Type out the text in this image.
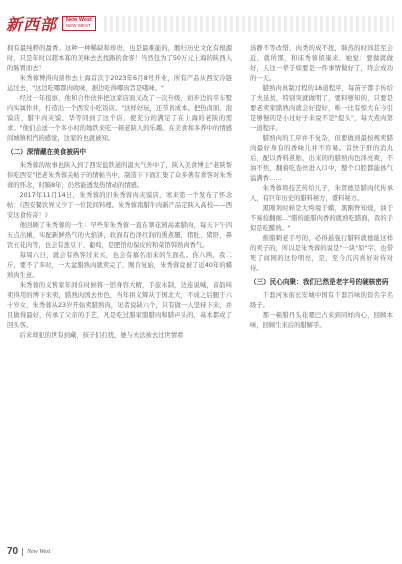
新西部 New West
NEW WEST

拥有最纯粹的甜香。这种一种稀缺和珍贵，也是最难能的，酸归历史文化有根源时，只是年时以超本寡的美味去去找路的食客！当然包为了50万元上海的陕西人的肠胃而去！

朱秀蓉博得肉票作去上海首次于2023年6月8号开业，所有产品从西安冷链运过去，"这边吃哪都肉收味，据边吃得哪肉旨是哦味。"

经过一年报察，他和合作伙伴把这家店面又改了一次升级，初步边的平车墅内实属作并，打造出一个西安小吃饭店。"这样好玩，还节省成本。把热卤面、泡馍店、腊牛肉夹馍、华等同到了这个店，使充分的满足了在上海的老陕的需求。"他们会送一个多小时的地铁来吃一顿老陕人的乐趣。在美食和多养中的情感间城镇相汽的感觉，这家的也就被知。

（二）深情藏在美食被码中

朱秀蓉的故事也陕入到了西安盐铁道的温火气外中了，陕入美食博主"老陕帮你吃西安"把老朱秀蓉关帖子的情帖当中，制造下下面汇集了众多著有食客对朱秀蓉的怀念，时隔8年，仍然能透发热情动的情感。

2017年11月14日，朱秀蓉的旧朱秀蓉肉夹馍店，寒来第一个发布了怀念帖：《西安餐饮界又少了一位民间料理。朱秀蓉南腊牛肉新产品定陕入高校——西安这食传奇！》

他回顾了朱秀蓉的一生：早些年朱秀蓉一直在翠花园高素腊肉，每天下午四五点出摊，实配新鲜热气的火焰饼，软面有色泽红润的熏煮腿，猪肚、猪肝、鼻饮五花肉等，也会有葱豆干、葡萄，是肥馆幼保皮的和菜馆韩熟肉香气。

每周六日，就会有熟客过来买，也会有慕名而来的生面孔。你八两，我二斤，要不了多时，一大盆腊熟肉就卖完了，刚肯复始，朱秀蓉竟被了近40年的蜡熟肉生意。

朱秀蓉的义售家年间在时候将一馆身容大精，手旅木制，边连说喊，音韵叫卖得用的博下来卖，腊熟肉国去作色，当年拱义辉从于国北大，不成之后腿于六十岁女，朱秀蓉从23岁开始卖腊熟肉，见者说缺六个，只有做一人坚持下来，并且做得最好，传承了父亲的手艺，凡是吃过腊家腊腊肉和腊声头的，基本都成了回头客。

后来却犯的世有到藏，孩子们打扰，她与夫法被去过世情看

汤静不等改惜，肉类的成不扰，肺蒸的时间甚至会近，就所那，和床秀蓉留康来，她觉：要做就做好，人这一辈子如要是一件事情做好了，终会成功的一天。

腊熟肉真制过程的18道程序，每苗子都手传给了夫虽贫，特别突就做明了，要料够知的，只要是要老卖家腊熟肉就会好提好，唯一比有惊大在今引是够慢的是小过好子来说不是"提头"，每大煮肉第一道程序。

腊熟肉的工序并不复杂，但要做到最按规卖腊肉最好身有的香味儿并不容易。首快于肝的消丸后，配以香料煮贴，出来的的腊熟肉色泽亮爽，不油不焦，翻着吃卷丝进入口中，整个口腔都能体气溢满香……

朱秀蓉将技艺传给儿子，朱贤德是腊肉代传承人，有巨年历史的腊料秘方，盛料秘方。

黑刚剂时候是大垮境于蜡，黑刚脊知烧，油于不易捡翻细…"腊的能腊肉香的就熟吃腊面，我的手似是吃醋熟。"

推腊刺老手号的，必得悬强行腊料就德能这样的卖子的，所以是朱秀蓉的说是"一块"原"字，也带死了商园的这份明亮，是，至今沉闪喜好对待对待。

（三）民心向聚：我们已然是老字号的硬核密码

千套河朱街长安城中国有千套百味的资名字名级子。

那一顿腊丹头花嗯巴占来到同样肉心，回顾本味，回顾生来后的腊解乎。

70 New West
